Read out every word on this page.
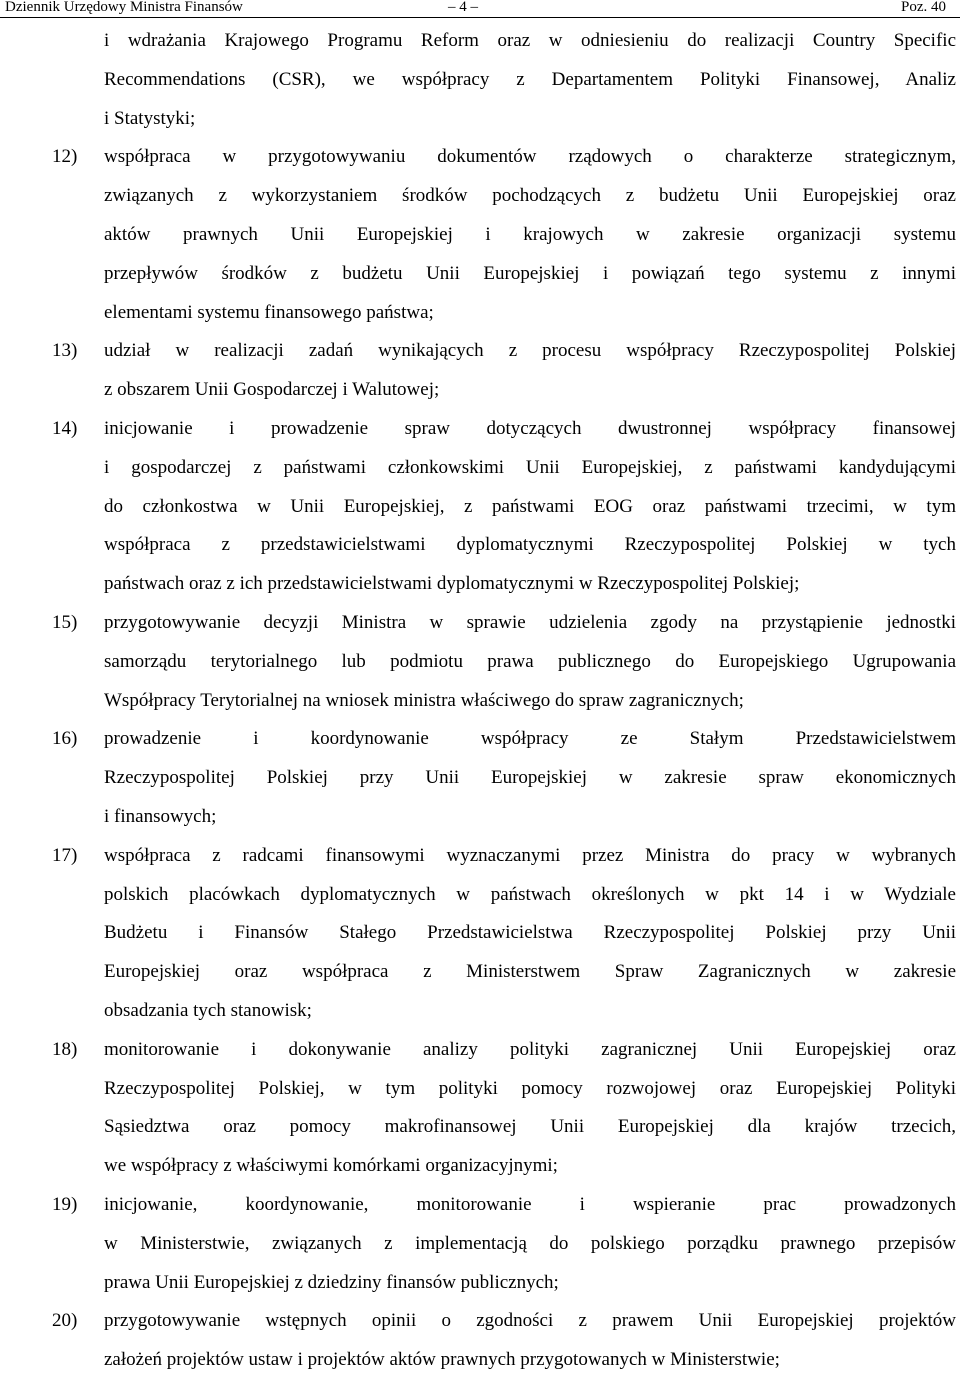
Dziennik Urzędowy Ministra Finansów	– 4 –	Poz. 40
i wdrażania Krajowego Programu Reform oraz w odniesieniu do realizacji Country Specific
Recommendations (CSR), we współpracy z Departamentem Polityki Finansowej, Analiz
i Statystyki;
12) współpraca w przygotowywaniu dokumentów rządowych o charakterze strategicznym,
związanych z wykorzystaniem środków pochodzących z budżetu Unii Europejskiej oraz
aktów prawnych Unii Europejskiej i krajowych w zakresie organizacji systemu
przepływów środków z budżetu Unii Europejskiej i powiązań tego systemu z innymi
elementami systemu finansowego państwa;
13) udział w realizacji zadań wynikających z procesu współpracy Rzeczypospolitej Polskiej
z obszarem Unii Gospodarczej i Walutowej;
14) inicjowanie i prowadzenie spraw dotyczących dwustronnej współpracy finansowej
i gospodarczej z państwami członkowskimi Unii Europejskiej, z państwami kandydującymi
do członkostwa w Unii Europejskiej, z państwami EOG oraz państwami trzecimi, w tym
współpraca z przedstawicielstwami dyplomatycznymi Rzeczypospolitej Polskiej w tych
państwach oraz z ich przedstawicielstwami dyplomatycznymi w Rzeczypospolitej Polskiej;
15) przygotowywanie decyzji Ministra w sprawie udzielenia zgody na przystąpienie jednostki
samorządu terytorialnego lub podmiotu prawa publicznego do Europejskiego Ugrupowania
Współpracy Terytorialnej na wniosek ministra właściwego do spraw zagranicznych;
16) prowadzenie i koordynowanie współpracy ze Stałym Przedstawicielstwem
Rzeczypospolitej Polskiej przy Unii Europejskiej w zakresie spraw ekonomicznych
i finansowych;
17) współpraca z radcami finansowymi wyznaczanymi przez Ministra do pracy w wybranych
polskich placówkach dyplomatycznych w państwach określonych w pkt 14 i w Wydziale
Budżetu i Finansów Stałego Przedstawicielstwa Rzeczypospolitej Polskiej przy Unii
Europejskiej oraz współpraca z Ministerstwem Spraw Zagranicznych w zakresie
obsadzania tych stanowisk;
18) monitorowanie i dokonywanie analizy polityki zagranicznej Unii Europejskiej oraz
Rzeczypospolitej Polskiej, w tym polityki pomocy rozwojowej oraz Europejskiej Polityki
Sąsiedztwa oraz pomocy makrofinansowej Unii Europejskiej dla krajów trzecich,
we współpracy z właściwymi komórkami organizacyjnymi;
19) inicjowanie, koordynowanie, monitorowanie i wspieranie prac prowadzonych
w Ministerstwie, związanych z implementacją do polskiego porządku prawnego przepisów
prawa Unii Europejskiej z dziedziny finansów publicznych;
20) przygotowywanie wstępnych opinii o zgodności z prawem Unii Europejskiej projektów
założeń projektów ustaw i projektów aktów prawnych przygotowanych w Ministerstwie;
